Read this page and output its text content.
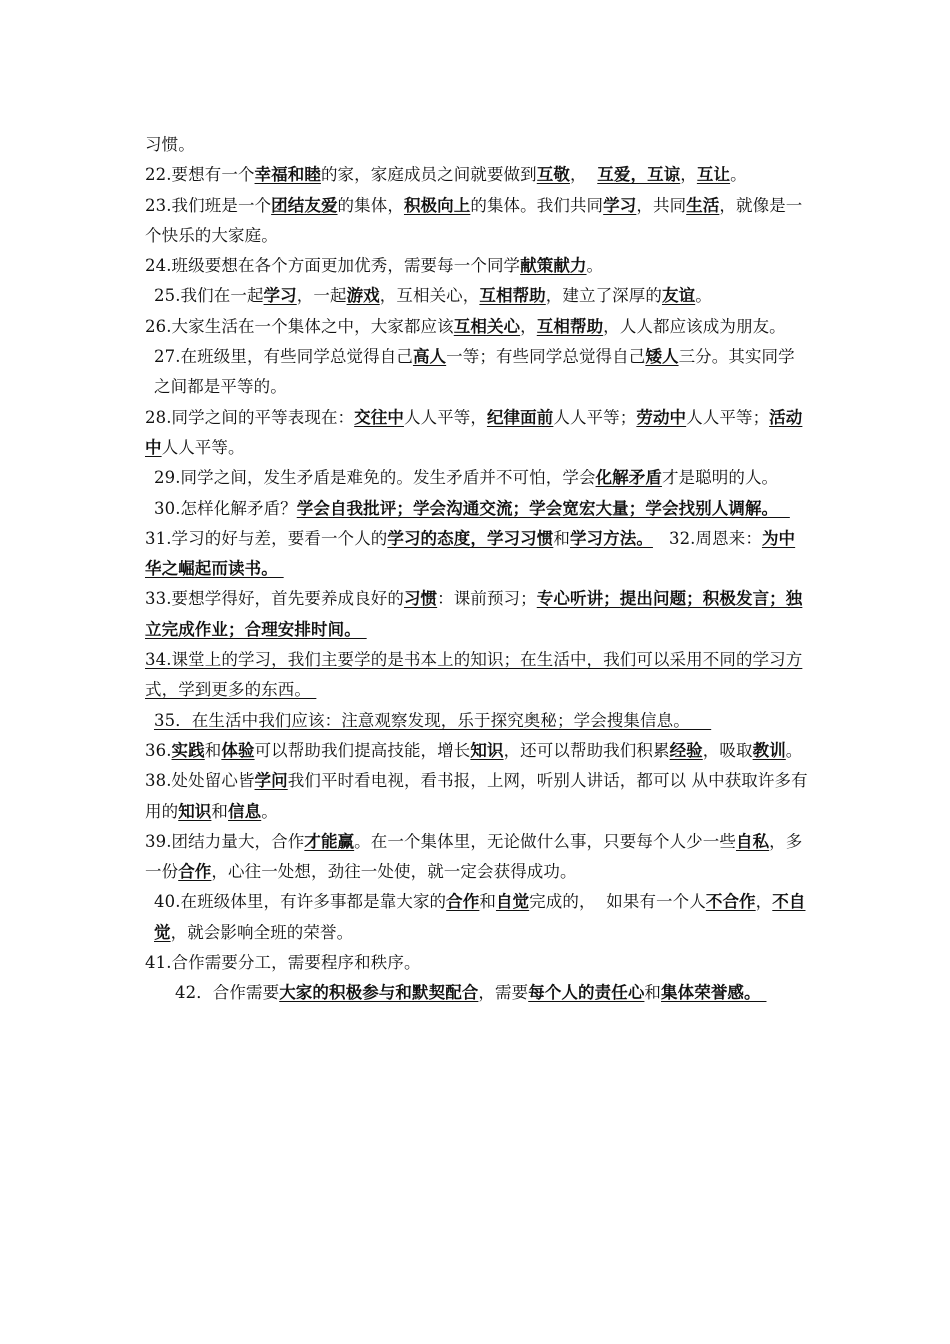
习惯。
22.要想有一个幸福和睦的家，家庭成员之间就要做到互敬，  互爱，互谅，互让。
23.我们班是一个团结友爱的集体，积极向上的集体。我们共同学习，共同生活，就像是一个快乐的大家庭。
24.班级要想在各个方面更加优秀，需要每一个同学献策献力。
25.我们在一起学习，一起游戏，互相关心，互相帮助，建立了深厚的友谊。
26.大家生活在一个集体之中，大家都应该互相关心，互相帮助，人人都应该成为朋友。
27.在班级里，有些同学总觉得自己高人一等；有些同学总觉得自己矮人三分。其实同学之间都是平等的。
28.同学之间的平等表现在：交往中人人平等，纪律面前人人平等；劳动中人人平等；活动中人人平等。
29.同学之间，发生矛盾是难免的。发生矛盾并不可怕，学会化解矛盾才是聪明的人。
30.怎样化解矛盾？学会自我批评；学会沟通交流；学会宽宏大量；学会找别人调解。
31.学习的好与差，要看一个人的学习的态度，学习习惯和学习方法。   32.周恩来：为中华之崛起而读书。
33.要想学得好，首先要养成良好的习惯：课前预习；专心听讲；提出问题；积极发言；独立完成作业；合理安排时间。
34.课堂上的学习，我们主要学的是书本上的知识；在生活中，我们可以采用不同的学习方式，学到更多的东西。
35．在生活中我们应该：注意观察发现，乐于探究奥秘；学会搜集信息。
36.实践和体验可以帮助我们提高技能，增长知识，还可以帮助我们积累经验，吸取教训。
38.处处留心皆学问我们平时看电视，看书报，上网，听别人讲话，都可以 从中获取许多有用的知识和信息。
39.团结力量大，合作才能赢。在一个集体里，无论做什么事，只要每个人少一些自私，多一份合作，心往一处想，劲往一处使，就一定会获得成功。
40.在班级体里，有许多事都是靠大家的合作和自觉完成的，  如果有一个人不合作，不自觉，就会影响全班的荣誉。
41.合作需要分工，需要程序和秩序。
42．合作需要大家的积极参与和默契配合，需要每个人的责任心和集体荣誉感。
